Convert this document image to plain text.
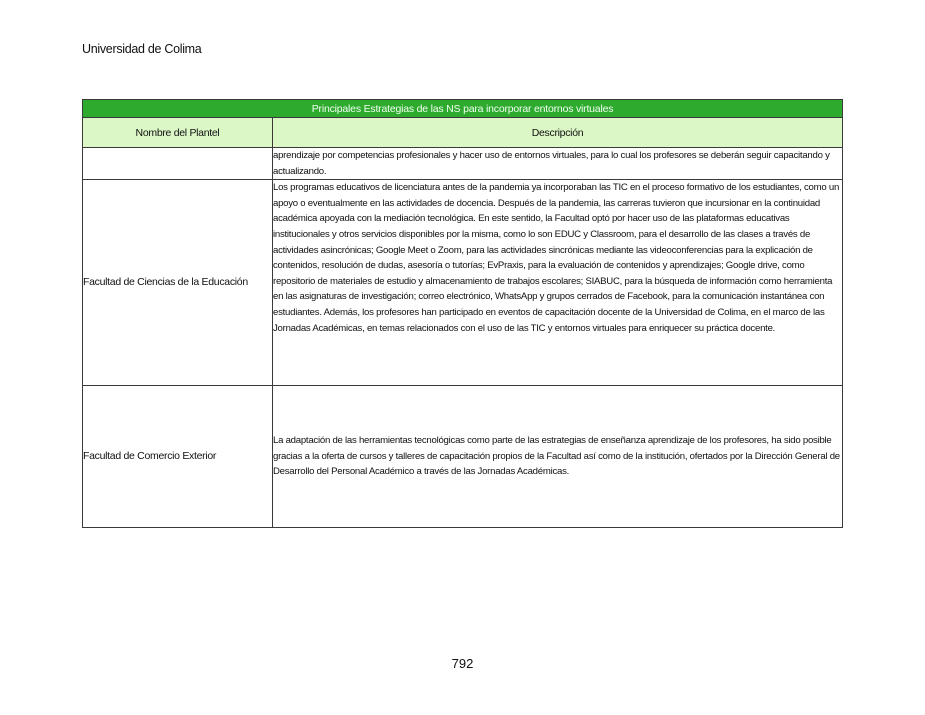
Universidad de Colima
Principales Estrategias de las NS para incorporar entornos virtuales	
Nombre del Plantel	Descripción
	aprendizaje por competencias profesionales y hacer uso de entornos virtuales, para lo cual los profesores se deberán seguir capacitando y actualizando.
Facultad de Ciencias de la Educación	Los programas educativos de licenciatura antes de la pandemia ya incorporaban las TIC en el proceso formativo de los estudiantes, como un apoyo o eventualmente en las actividades de docencia. Después de la pandemia, las carreras tuvieron que incursionar en la continuidad académica apoyada con la mediación tecnológica. En este sentido, la Facultad optó por hacer uso de las plataformas educativas institucionales y otros servicios disponibles por la misma, como lo son EDUC y Classroom, para el desarrollo de las clases a través de actividades asincrónicas; Google Meet o Zoom, para las actividades sincrónicas mediante las videoconferencias para la explicación de contenidos, resolución de dudas, asesoría o tutorías; EvPraxis, para la evaluación de contenidos y aprendizajes; Google drive, como repositorio de materiales de estudio y almacenamiento de trabajos escolares; SIABUC, para la búsqueda de información como herramienta en las asignaturas de investigación; correo electrónico, WhatsApp y grupos cerrados de Facebook, para la comunicación instantánea con estudiantes. Además, los profesores han participado en eventos de capacitación docente de la Universidad de Colima, en el marco de las Jornadas Académicas, en temas relacionados con el uso de las TIC y entornos virtuales para enriquecer su práctica docente.
Facultad de Comercio Exterior	La adaptación de las herramientas tecnológicas como parte de las estrategias de enseñanza aprendizaje de los profesores, ha sido posible gracias a la oferta de cursos y talleres de capacitación propios de la Facultad así como de la institución, ofertados por la Dirección General de Desarrollo del Personal Académico a través de las Jornadas Académicas.
792
